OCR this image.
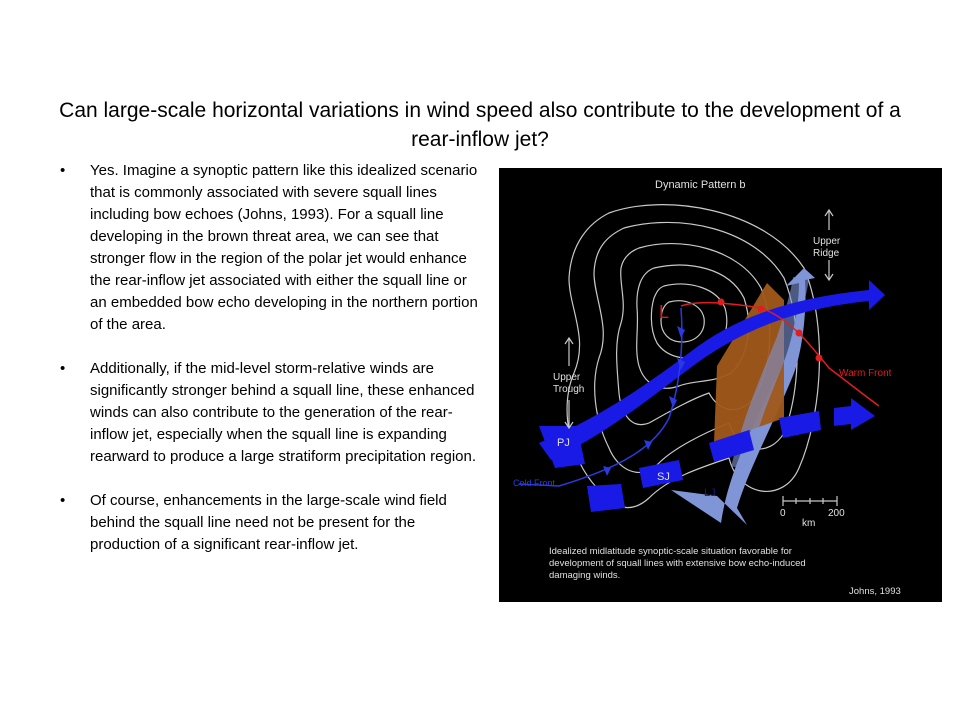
Can large-scale horizontal variations in wind speed also contribute to the development of a rear-inflow jet?
• Yes. Imagine a synoptic pattern like this idealized scenario that is commonly associated with severe squall lines including bow echoes (Johns, 1993). For a squall line developing in the brown threat area, we can see that stronger flow in the region of the polar jet would enhance the rear-inflow jet associated with either the squall line or an embedded bow echo developing in the northern portion of the area.
• Additionally, if the mid-level storm-relative winds are significantly stronger behind a squall line, these enhanced winds can also contribute to the generation of the rear-inflow jet, especially when the squall line is expanding rearward to produce a large stratiform precipitation region.
• Of course, enhancements in the large-scale wind field behind the squall line need not be present for the production of a significant rear-inflow jet.
Dynamic Pattern b
Upper
Ridge
Upper
Trough
L
Warm Front
Cold Front
PJ
SJ
LJ
0	200
km
Idealized midlatitude synoptic-scale situation favorable for
development of squall lines with extensive bow echo-induced
damaging winds.
Johns, 1993
